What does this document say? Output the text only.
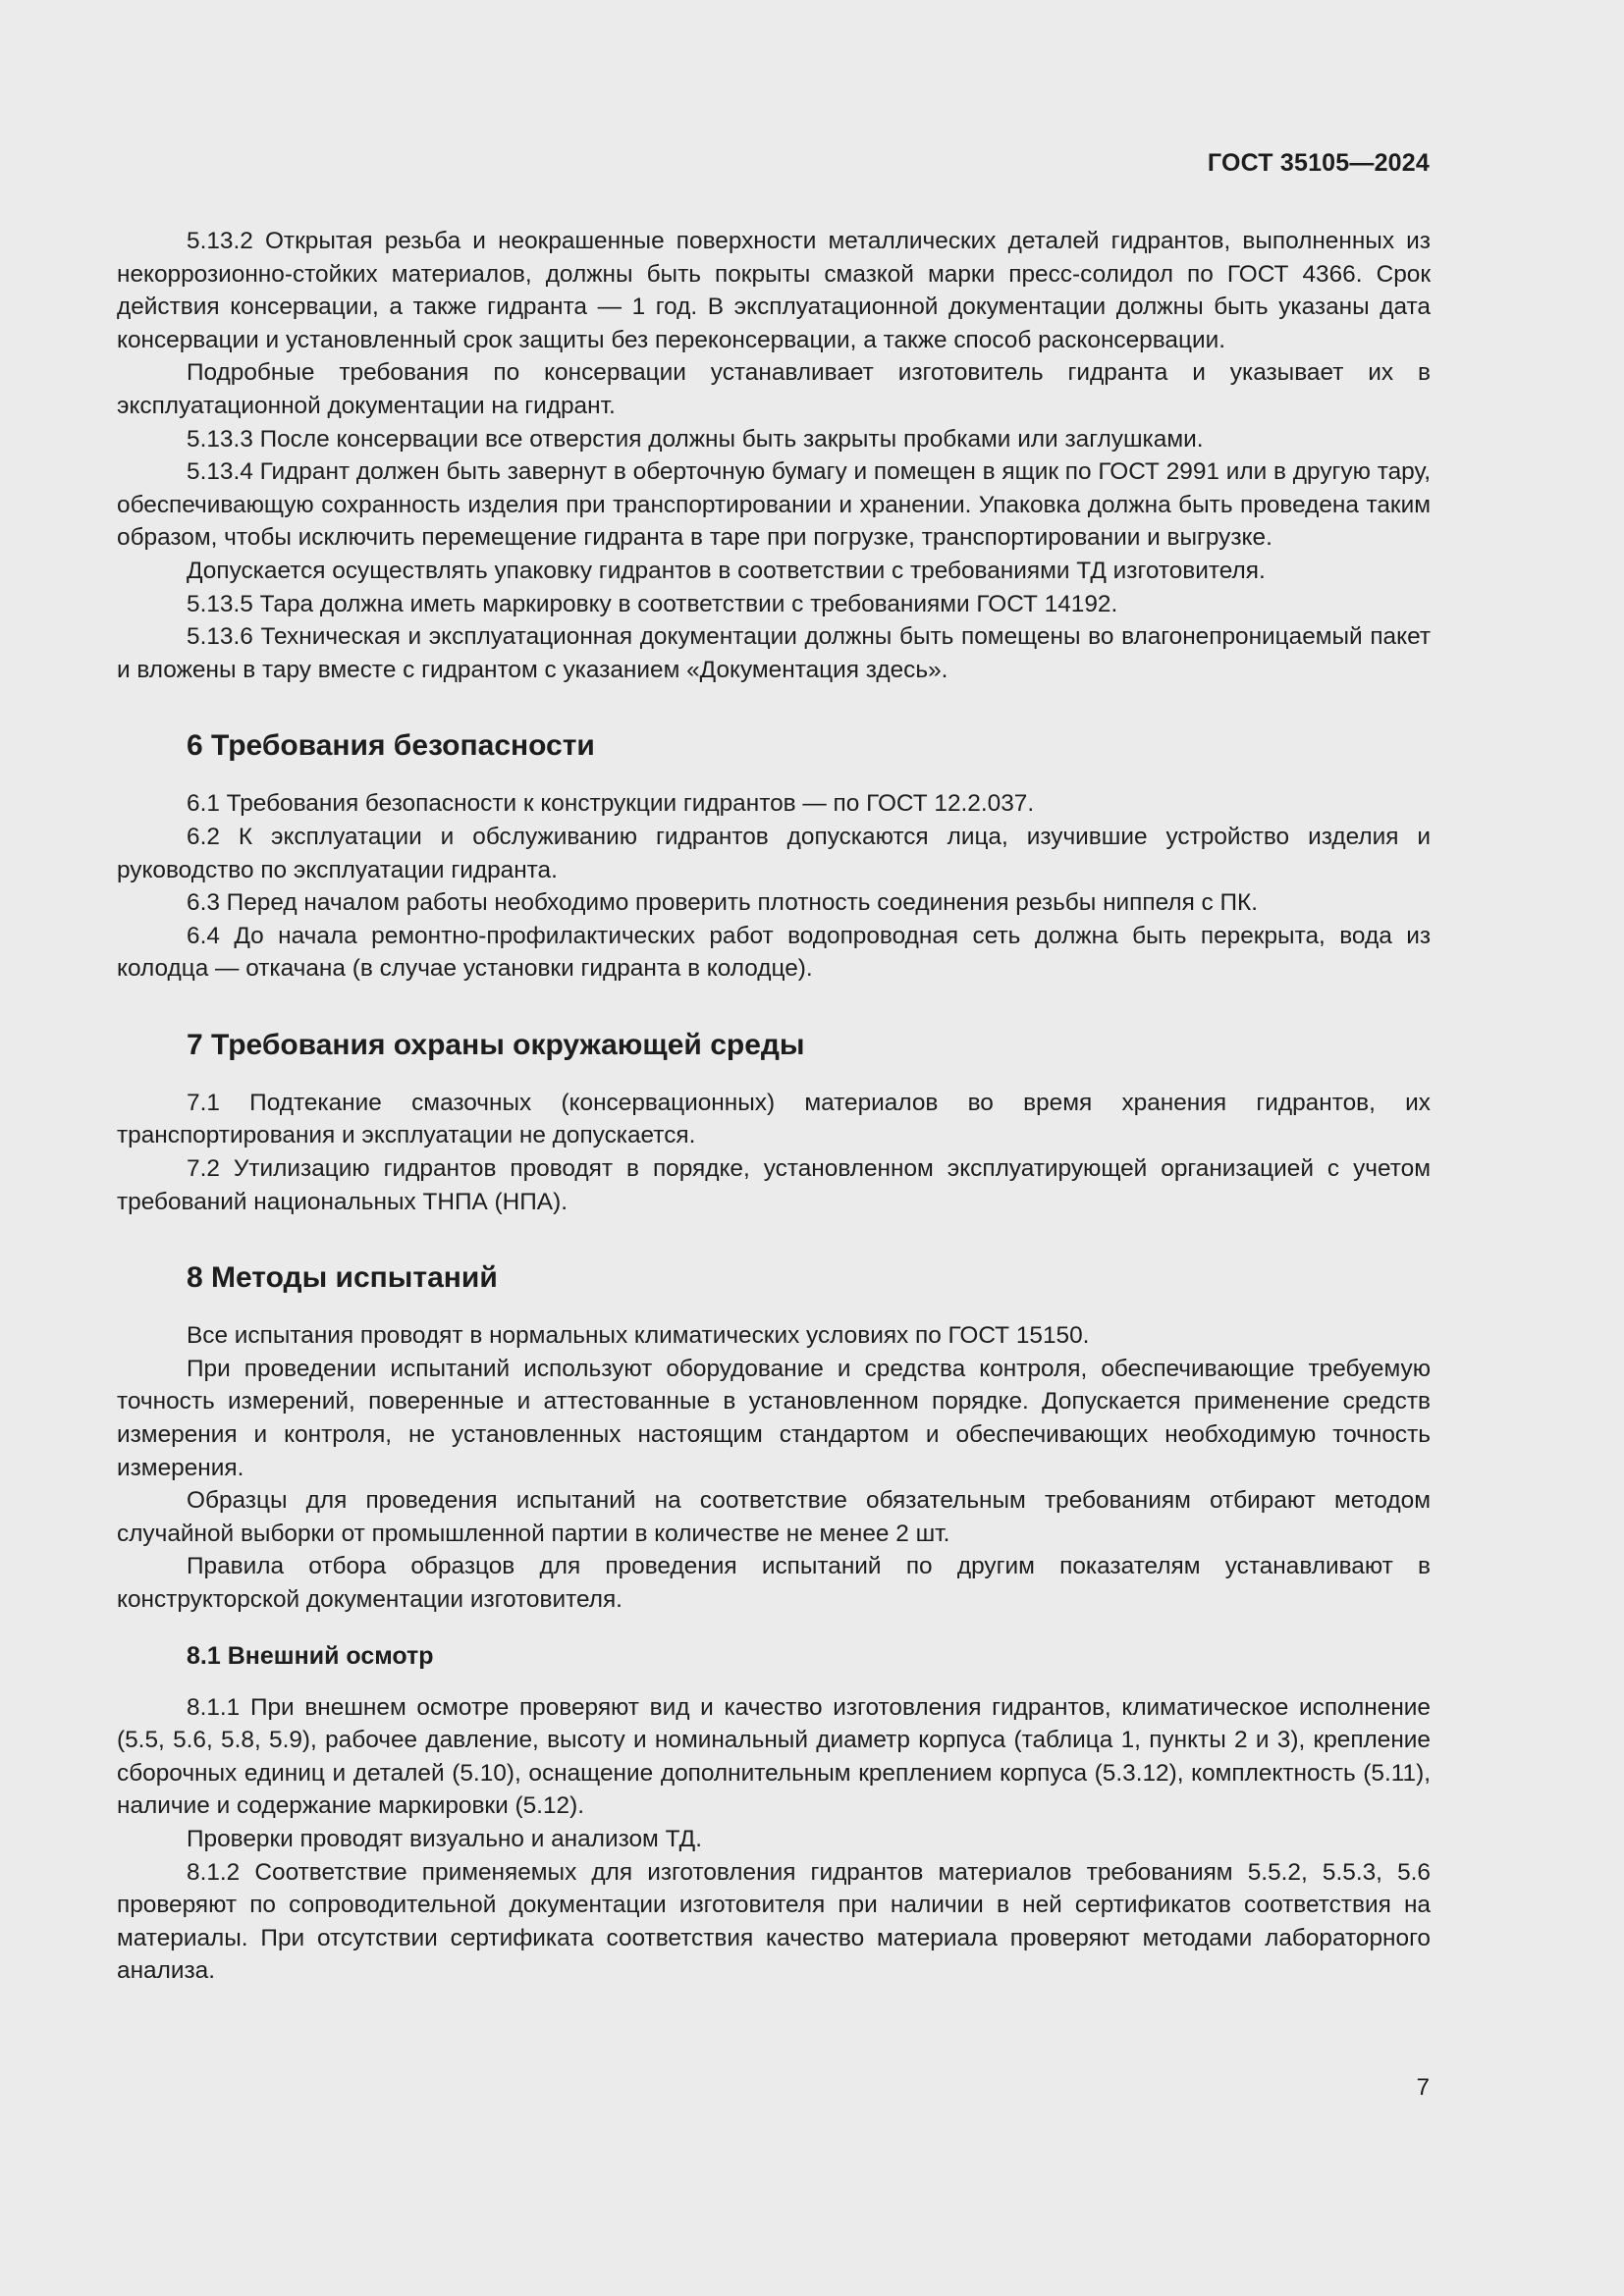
ГОСТ 35105—2024

5.13.2 Открытая резьба и неокрашенные поверхности металлических деталей гидрантов, выполненных из некоррозионно-стойких материалов, должны быть покрыты смазкой марки пресс-солидол по ГОСТ 4366. Срок действия консервации, а также гидранта — 1 год. В эксплуатационной документации должны быть указаны дата консервации и установленный срок защиты без переконсервации, а также способ расконсервации.

Подробные требования по консервации устанавливает изготовитель гидранта и указывает их в эксплуатационной документации на гидрант.

5.13.3 После консервации все отверстия должны быть закрыты пробками или заглушками.

5.13.4 Гидрант должен быть завернут в оберточную бумагу и помещен в ящик по ГОСТ 2991 или в другую тару, обеспечивающую сохранность изделия при транспортировании и хранении. Упаковка должна быть проведена таким образом, чтобы исключить перемещение гидранта в таре при погрузке, транспортировании и выгрузке.

Допускается осуществлять упаковку гидрантов в соответствии с требованиями ТД изготовителя.

5.13.5 Тара должна иметь маркировку в соответствии с требованиями ГОСТ 14192.

5.13.6 Техническая и эксплуатационная документации должны быть помещены во влагонепроницаемый пакет и вложены в тару вместе с гидрантом с указанием «Документация здесь».

6 Требования безопасности

6.1 Требования безопасности к конструкции гидрантов — по ГОСТ 12.2.037.

6.2 К эксплуатации и обслуживанию гидрантов допускаются лица, изучившие устройство изделия и руководство по эксплуатации гидранта.

6.3 Перед началом работы необходимо проверить плотность соединения резьбы ниппеля с ПК.

6.4 До начала ремонтно-профилактических работ водопроводная сеть должна быть перекрыта, вода из колодца — откачана (в случае установки гидранта в колодце).

7 Требования охраны окружающей среды

7.1 Подтекание смазочных (консервационных) материалов во время хранения гидрантов, их транспортирования и эксплуатации не допускается.

7.2 Утилизацию гидрантов проводят в порядке, установленном эксплуатирующей организацией с учетом требований национальных ТНПА (НПА).

8 Методы испытаний

Все испытания проводят в нормальных климатических условиях по ГОСТ 15150.

При проведении испытаний используют оборудование и средства контроля, обеспечивающие требуемую точность измерений, поверенные и аттестованные в установленном порядке. Допускается применение средств измерения и контроля, не установленных настоящим стандартом и обеспечивающих необходимую точность измерения.

Образцы для проведения испытаний на соответствие обязательным требованиям отбирают методом случайной выборки от промышленной партии в количестве не менее 2 шт.

Правила отбора образцов для проведения испытаний по другим показателям устанавливают в конструкторской документации изготовителя.

8.1 Внешний осмотр

8.1.1 При внешнем осмотре проверяют вид и качество изготовления гидрантов, климатическое исполнение (5.5, 5.6, 5.8, 5.9), рабочее давление, высоту и номинальный диаметр корпуса (таблица 1, пункты 2 и 3), крепление сборочных единиц и деталей (5.10), оснащение дополнительным креплением корпуса (5.3.12), комплектность (5.11), наличие и содержание маркировки (5.12).

Проверки проводят визуально и анализом ТД.

8.1.2 Соответствие применяемых для изготовления гидрантов материалов требованиям 5.5.2, 5.5.3, 5.6 проверяют по сопроводительной документации изготовителя при наличии в ней сертификатов соответствия на материалы. При отсутствии сертификата соответствия качество материала проверяют методами лабораторного анализа.

7
